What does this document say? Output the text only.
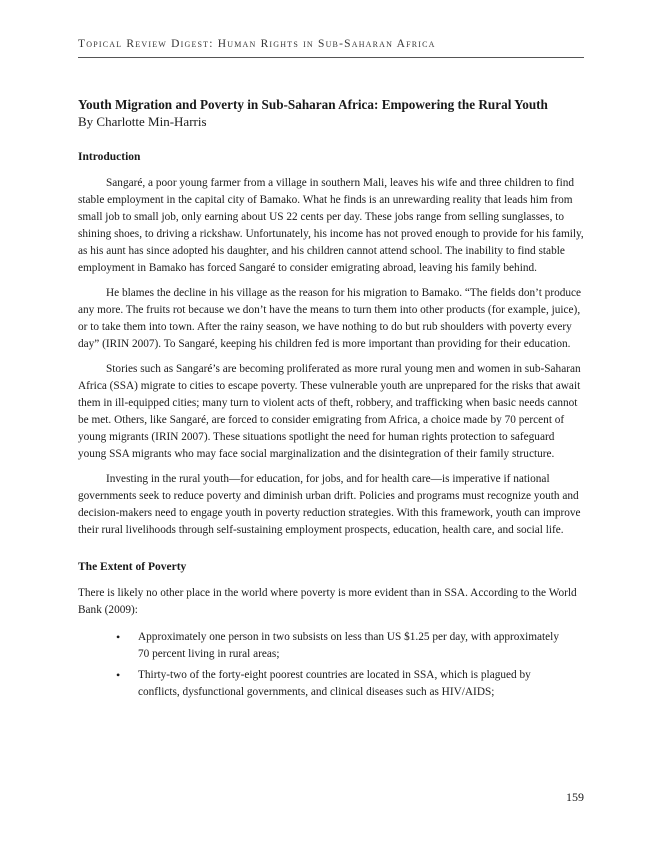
Topical Review Digest: Human Rights in Sub-Saharan Africa

Youth Migration and Poverty in Sub-Saharan Africa: Empowering the Rural Youth

By Charlotte Min-Harris

Introduction

Sangaré, a poor young farmer from a village in southern Mali, leaves his wife and three children to find stable employment in the capital city of Bamako. What he finds is an unrewarding reality that leads him from small job to small job, only earning about US 22 cents per day. These jobs range from selling sunglasses, to shining shoes, to driving a rickshaw. Unfortunately, his income has not proved enough to provide for his family, as his aunt has since adopted his daughter, and his children cannot attend school. The inability to find stable employment in Bamako has forced Sangaré to consider emigrating abroad, leaving his family behind.

He blames the decline in his village as the reason for his migration to Bamako. “The fields don’t produce any more. The fruits rot because we don’t have the means to turn them into other products (for example, juice), or to take them into town. After the rainy season, we have nothing to do but rub shoulders with poverty every day” (IRIN 2007). To Sangaré, keeping his children fed is more important than providing for their education.

Stories such as Sangaré’s are becoming proliferated as more rural young men and women in sub-Saharan Africa (SSA) migrate to cities to escape poverty. These vulnerable youth are unprepared for the risks that await them in ill-equipped cities; many turn to violent acts of theft, robbery, and trafficking when basic needs cannot be met. Others, like Sangaré, are forced to consider emigrating from Africa, a choice made by 70 percent of young migrants (IRIN 2007). These situations spotlight the need for human rights protection to safeguard young SSA migrants who may face social marginalization and the disintegration of their family structure.

Investing in the rural youth—for education, for jobs, and for health care—is imperative if national governments seek to reduce poverty and diminish urban drift. Policies and programs must recognize youth and decision-makers need to engage youth in poverty reduction strategies. With this framework, youth can improve their rural livelihoods through self-sustaining employment prospects, education, health care, and social life.

The Extent of Poverty

There is likely no other place in the world where poverty is more evident than in SSA. According to the World Bank (2009):

• Approximately one person in two subsists on less than US $1.25 per day, with approximately 70 percent living in rural areas;
• Thirty-two of the forty-eight poorest countries are located in SSA, which is plagued by conflicts, dysfunctional governments, and clinical diseases such as HIV/AIDS;
159
